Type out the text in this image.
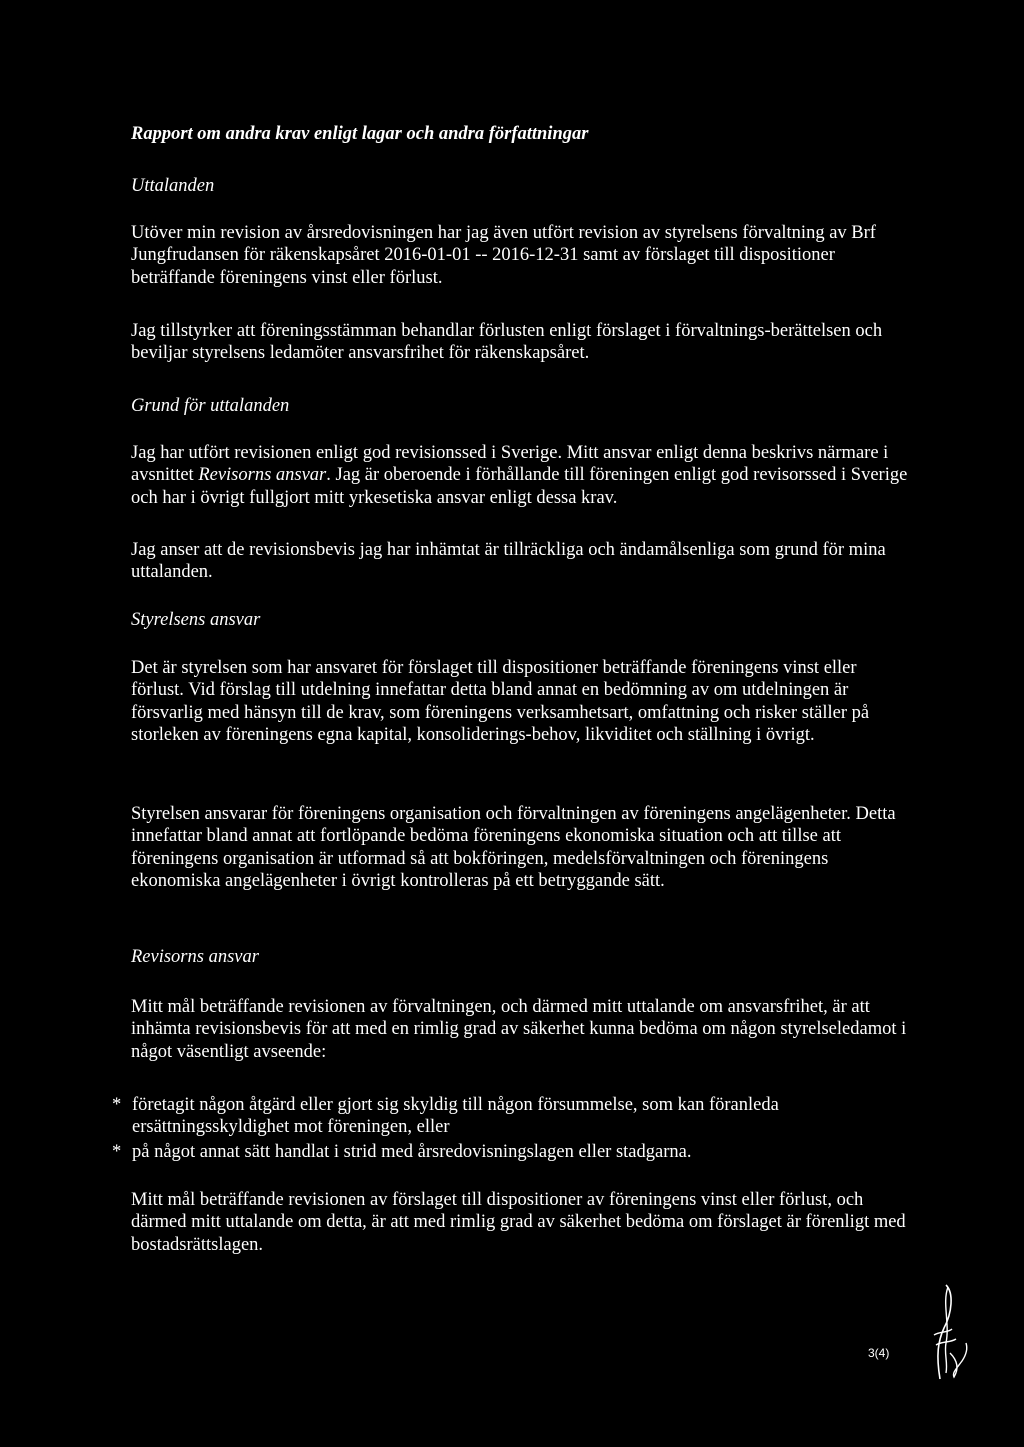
Rapport om andra krav enligt lagar och andra författningar

Uttalanden

Utöver min revision av årsredovisningen har jag även utfört revision av styrelsens förvaltning av Brf Jungfrudansen för räkenskapsåret 2016-01-01 -- 2016-12-31 samt av förslaget till dispositioner beträffande föreningens vinst eller förlust.

Jag tillstyrker att föreningsstämman behandlar förlusten enligt förslaget i förvaltnings-berättelsen och beviljar styrelsens ledamöter ansvarsfrihet för räkenskapsåret.

Grund för uttalanden

Jag har utfört revisionen enligt god revisionssed i Sverige. Mitt ansvar enligt denna beskrivs närmare i avsnittet Revisorns ansvar. Jag är oberoende i förhållande till föreningen enligt god revisorssed i Sverige och har i övrigt fullgjort mitt yrkesetiska ansvar enligt dessa krav.

Jag anser att de revisionsbevis jag har inhämtat är tillräckliga och ändamålsenliga som grund för mina uttalanden.

Styrelsens ansvar

Det är styrelsen som har ansvaret för förslaget till dispositioner beträffande föreningens vinst eller förlust. Vid förslag till utdelning innefattar detta bland annat en bedömning av om utdelningen är försvarlig med hänsyn till de krav, som föreningens verksamhetsart, omfattning och risker ställer på storleken av föreningens egna kapital, konsoliderings-behov, likviditet och ställning i övrigt.

Styrelsen ansvarar för föreningens organisation och förvaltningen av föreningens angelägenheter. Detta innefattar bland annat att fortlöpande bedöma föreningens ekonomiska situation och att tillse att föreningens organisation är utformad så att bokföringen, medelsförvaltningen och föreningens ekonomiska angelägenheter i övrigt kontrolleras på ett betryggande sätt.

Revisorns ansvar

Mitt mål beträffande revisionen av förvaltningen, och därmed mitt uttalande om ansvarsfrihet, är att inhämta revisionsbevis för att med en rimlig grad av säkerhet kunna bedöma om någon styrelseledamot i något väsentligt avseende:

* företagit någon åtgärd eller gjort sig skyldig till någon försummelse, som kan föranleda
ersättningsskyldighet mot föreningen, eller
* på något annat sätt handlat i strid med årsredovisningslagen eller stadgarna.

Mitt mål beträffande revisionen av förslaget till dispositioner av föreningens vinst eller förlust, och därmed mitt uttalande om detta, är att med rimlig grad av säkerhet bedöma om förslaget är förenligt med bostadsrättslagen.

3(4)
